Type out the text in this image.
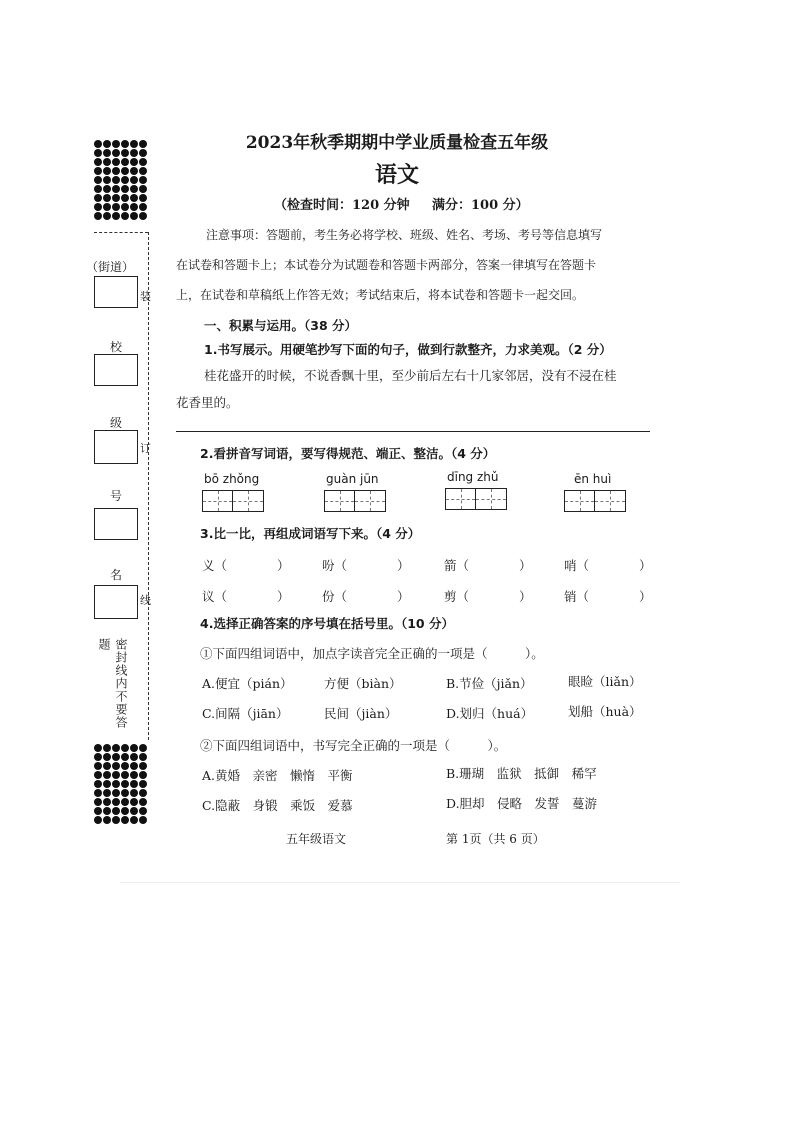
（街道）
装
校
级
订
号
名
线
密封线内不要答题
2023年秋季期期中学业质量检查五年级
语文
（检查时间：120 分钟 满分：100 分）
注意事项：答题前，考生务必将学校、班级、姓名、考场、考号等信息填写
在试卷和答题卡上；本试卷分为试题卷和答题卡两部分，答案一律填写在答题卡
上，在试卷和草稿纸上作答无效；考试结束后，将本试卷和答题卡一起交回。
一、积累与运用。（38 分）
1.书写展示。用硬笔抄写下面的句子，做到行款整齐，力求美观。（2 分）
桂花盛开的时候，不说香飘十里，至少前后左右十几家邻居，没有不浸在桂
花香里的。
2.看拼音写词语，要写得规范、端正、整洁。（4 分）
bō zhǒng	guàn jūn	dīng zhǔ	ēn huì
3.比一比，再组成词语写下来。（4 分）
义（　　　　）	吩（　　　　）	箭（　　　　）	哨（　　　　）
议（　　　　）	份（　　　　）	剪（　　　　）	销（　　　　）
4.选择正确答案的序号填在括号里。（10 分）
①下面四组词语中，加点字读音完全正确的一项是（　　　）。
A.便宜（pián）	方便（biàn）	B.节俭（jiǎn）	眼睑（liǎn）
C.间隔（jiān）	民间（jiàn）	D.划归（huá）	划船（huà）
②下面四组词语中，书写完全正确的一项是（　　　）。
A.黄婚　亲密　懒惰　平衡	B.珊瑚　监狱　抵御　稀罕
C.隐蔽　身锻　乘饭　爱慕	D.胆却　侵略　发誓　蔓游
五年级语文	第 1页（共 6 页）
